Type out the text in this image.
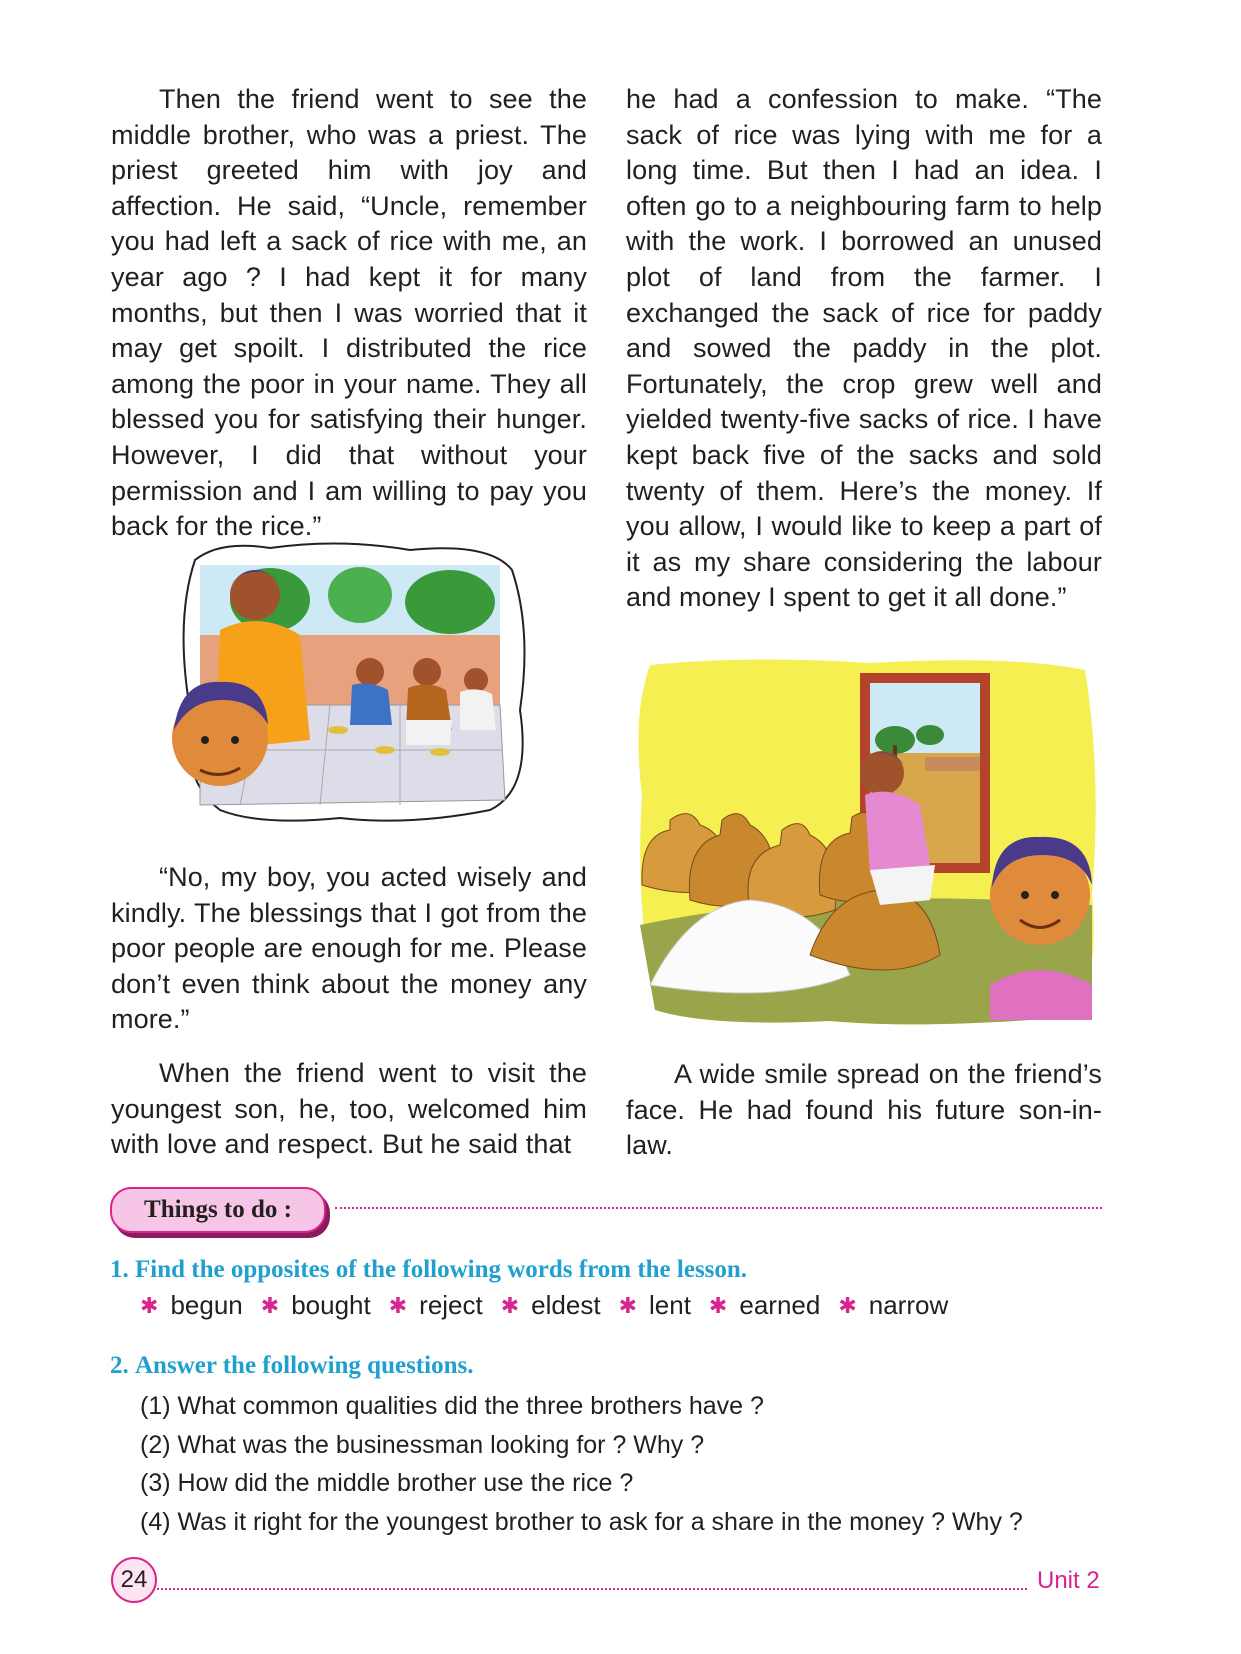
Then the friend went to see the middle brother, who was a priest. The priest greeted him with joy and affection. He said, “Uncle, remember you had left a sack of rice with me, an year ago ? I had kept it for many months, but then I was worried that it may get spoilt. I distributed the rice among the poor in your name. They all blessed you for satisfying their hunger. However, I did that without your permission and I am willing to pay you back for the rice.”

“No, my boy, you acted wisely and kindly. The blessings that I got from the poor people are enough for me. Please don’t even think about the money any more.”

When the friend went to visit the youngest son, he, too, welcomed him with love and respect. But he said that

he had a confession to make. “The sack of rice was lying with me for a long time. But then I had an idea. I often go to a neighbouring farm to help with the work. I borrowed an unused plot of land from the farmer. I exchanged the sack of rice for paddy and sowed the paddy in the plot. Fortunately, the crop grew well and yielded twenty-five sacks of rice. I have kept back five of the sacks and sold twenty of them. Here’s the money. If you allow, I would like to keep a part of it as my share considering the labour and money I spent to get it all done.”

A wide smile spread on the friend’s face. He had found his future son-in-law.

Things to do :
1. Find the opposites of the following words from the lesson.
✱ begun ✱ bought ✱ reject ✱ eldest ✱ lent ✱ earned ✱ narrow
2. Answer the following questions.
(1) What common qualities did the three brothers have ?
(2) What was the businessman looking for ? Why ?
(3) How did the middle brother use the rice ?
(4) Was it right for the youngest brother to ask for a share in the money ? Why ?
24	Unit 2
